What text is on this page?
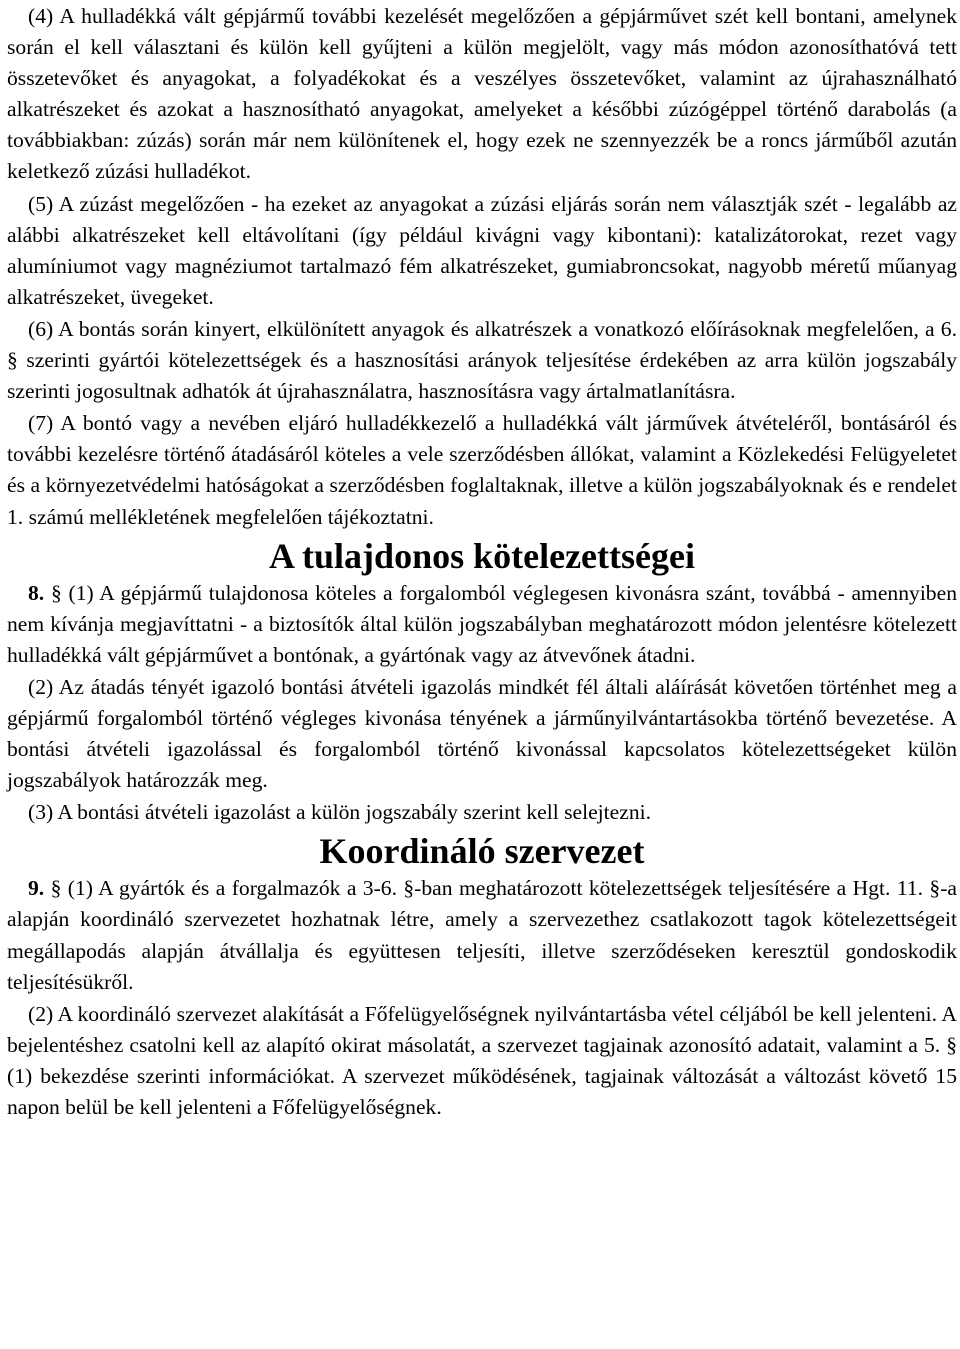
(4) A hulladékká vált gépjármű további kezelését megelőzően a gépjárművet szét kell bontani, amelynek során el kell választani és külön kell gyűjteni a külön megjelölt, vagy más módon azonosíthatóvá tett összetevőket és anyagokat, a folyadékokat és a veszélyes összetevőket, valamint az újrahasználható alkatrészeket és azokat a hasznosítható anyagokat, amelyeket a későbbi zúzógéppel történő darabolás (a továbbiakban: zúzás) során már nem különítenek el, hogy ezek ne szennyezzék be a roncs járműből azután keletkező zúzási hulladékot.

(5) A zúzást megelőzően - ha ezeket az anyagokat a zúzási eljárás során nem választják szét - legalább az alábbi alkatrészeket kell eltávolítani (így például kivágni vagy kibontani): katalizátorokat, rezet vagy alumíniumot vagy magnéziumot tartalmazó fém alkatrészeket, gumiabroncsokat, nagyobb méretű műanyag alkatrészeket, üvegeket.

(6) A bontás során kinyert, elkülönített anyagok és alkatrészek a vonatkozó előírásoknak megfelelően, a 6. § szerinti gyártói kötelezettségek és a hasznosítási arányok teljesítése érdekében az arra külön jogszabály szerinti jogosultnak adhatók át újrahasználatra, hasznosításra vagy ártalmatlanításra.

(7) A bontó vagy a nevében eljáró hulladékkezelő a hulladékká vált járművek átvételéről, bontásáról és további kezelésre történő átadásáról köteles a vele szerződésben állókat, valamint a Közlekedési Felügyeletet és a környezetvédelmi hatóságokat a szerződésben foglaltaknak, illetve a külön jogszabályoknak és e rendelet 1. számú mellékletének megfelelően tájékoztatni.

A tulajdonos kötelezettségei

8. § (1) A gépjármű tulajdonosa köteles a forgalomból véglegesen kivonásra szánt, továbbá - amennyiben nem kívánja megjavíttatni - a biztosítók által külön jogszabályban meghatározott módon jelentésre kötelezett hulladékká vált gépjárművet a bontónak, a gyártónak vagy az átvevőnek átadni.

(2) Az átadás tényét igazoló bontási átvételi igazolás mindkét fél általi aláírását követően történhet meg a gépjármű forgalomból történő végleges kivonása tényének a járműnyilvántartásokba történő bevezetése. A bontási átvételi igazolással és forgalomból történő kivonással kapcsolatos kötelezettségeket külön jogszabályok határozzák meg.

(3) A bontási átvételi igazolást a külön jogszabály szerint kell selejtezni.

Koordináló szervezet

9. § (1) A gyártók és a forgalmazók a 3-6. §-ban meghatározott kötelezettségek teljesítésére a Hgt. 11. §-a alapján koordináló szervezetet hozhatnak létre, amely a szervezethez csatlakozott tagok kötelezettségeit megállapodás alapján átvállalja és együttesen teljesíti, illetve szerződéseken keresztül gondoskodik teljesítésükről.

(2) A koordináló szervezet alakítását a Főfelügyelőségnek nyilvántartásba vétel céljából be kell jelenteni. A bejelentéshez csatolni kell az alapító okirat másolatát, a szervezet tagjainak azonosító adatait, valamint a 5. § (1) bekezdése szerinti információkat. A szervezet működésének, tagjainak változását a változást követő 15 napon belül be kell jelenteni a Főfelügyelőségnek.
